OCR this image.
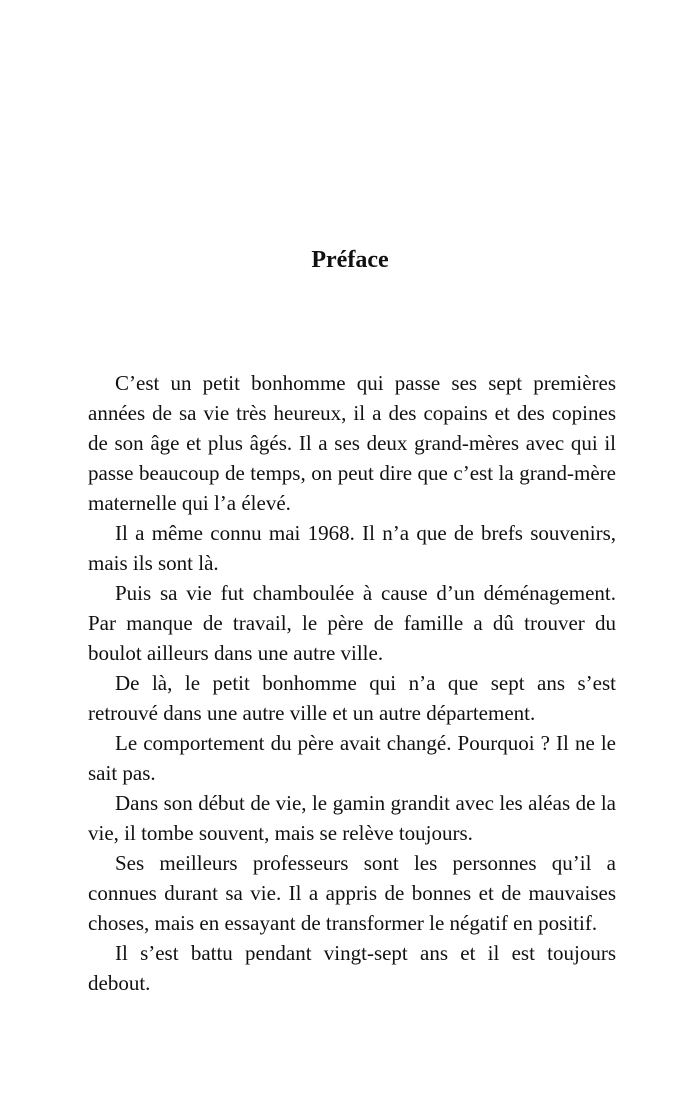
Préface

C’est un petit bonhomme qui passe ses sept premières années de sa vie très heureux, il a des copains et des copines de son âge et plus âgés. Il a ses deux grand-mères avec qui il passe beaucoup de temps, on peut dire que c’est la grand-mère maternelle qui l’a élevé.

Il a même connu mai 1968. Il n’a que de brefs souvenirs, mais ils sont là.

Puis sa vie fut chamboulée à cause d’un déménagement. Par manque de travail, le père de famille a dû trouver du boulot ailleurs dans une autre ville.

De là, le petit bonhomme qui n’a que sept ans s’est retrouvé dans une autre ville et un autre département.

Le comportement du père avait changé. Pourquoi ? Il ne le sait pas.

Dans son début de vie, le gamin grandit avec les aléas de la vie, il tombe souvent, mais se relève toujours.

Ses meilleurs professeurs sont les personnes qu’il a connues durant sa vie. Il a appris de bonnes et de mauvaises choses, mais en essayant de transformer le négatif en positif.

Il s’est battu pendant vingt-sept ans et il est toujours debout.
